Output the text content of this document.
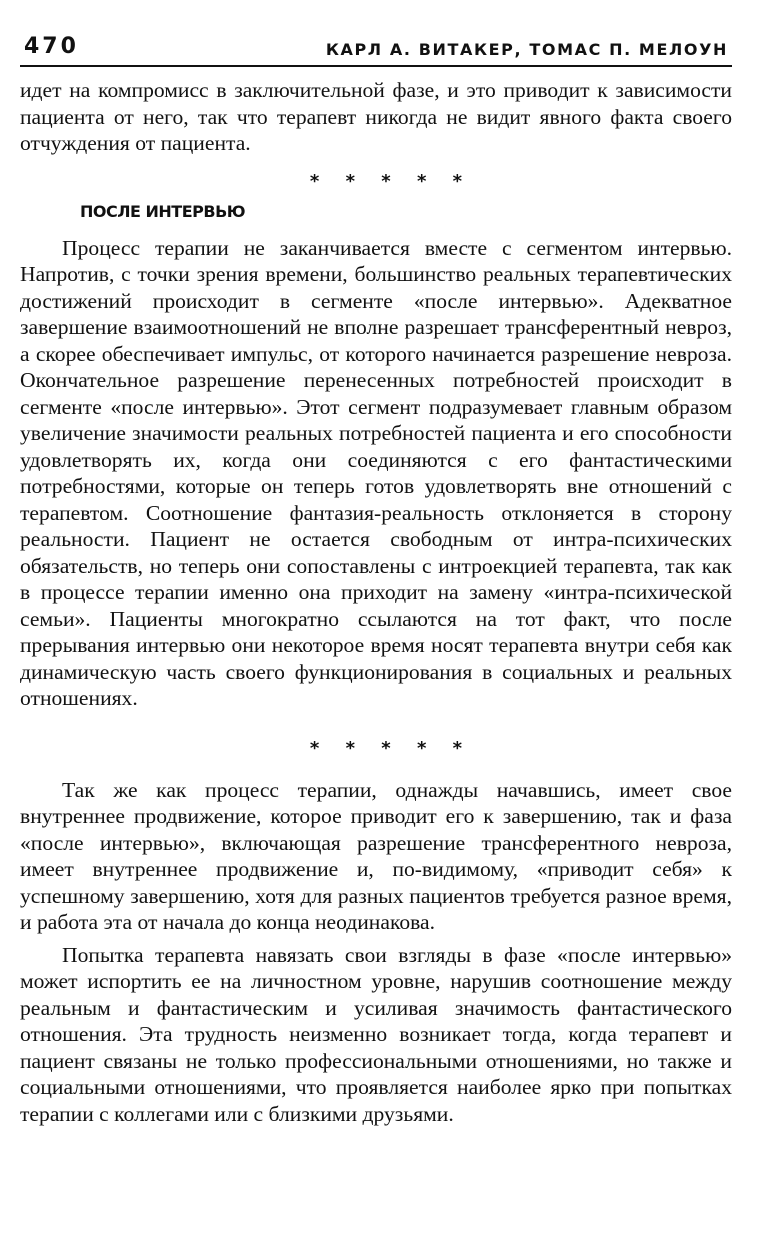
470	КАРЛ А. ВИТАКЕР, ТОМАС П. МЕЛОУН

идет на компромисс в заключительной фазе, и это приводит к зависимости пациента от него, так что терапевт никогда не видит явного факта своего отчуждения от пациента.

* * * * *
ПОСЛЕ ИНТЕРВЬЮ

Процесс терапии не заканчивается вместе с сегментом интервью. Напротив, с точки зрения времени, большинство реальных терапевтических достижений происходит в сегменте «после интервью». Адекватное завершение взаимоотношений не вполне разрешает трансферентный невроз, а скорее обеспечивает импульс, от которого начинается разрешение невроза. Окончательное разрешение перенесенных потребностей происходит в сегменте «после интервью». Этот сегмент подразумевает главным образом увеличение значимости реальных потребностей пациента и его способности удовлетворять их, когда они соединяются с его фантастическими потребностями, которые он теперь готов удовлетворять вне отношений с терапевтом. Соотношение фантазия-реальность отклоняется в сторону реальности. Пациент не остается свободным от интра-психических обязательств, но теперь они сопоставлены с интроекцией терапевта, так как в процессе терапии именно она приходит на замену «интра-психической семьи». Пациенты многократно ссылаются на тот факт, что после прерывания интервью они некоторое время носят терапевта внутри себя как динамическую часть своего функционирования в социальных и реальных отношениях.

* * * * *

Так же как процесс терапии, однажды начавшись, имеет свое внутреннее продвижение, которое приводит его к завершению, так и фаза «после интервью», включающая разрешение трансферентного невроза, имеет внутреннее продвижение и, по-видимому, «приводит себя» к успешному завершению, хотя для разных пациентов требуется разное время, и работа эта от начала до конца неодинакова.

Попытка терапевта навязать свои взгляды в фазе «после интервью» может испортить ее на личностном уровне, нарушив соотношение между реальным и фантастическим и усиливая значимость фантастического отношения. Эта трудность неизменно возникает тогда, когда терапевт и пациент связаны не только профессиональными отношениями, но также и социальными отношениями, что проявляется наиболее ярко при попытках терапии с коллегами или с близкими друзьями.
